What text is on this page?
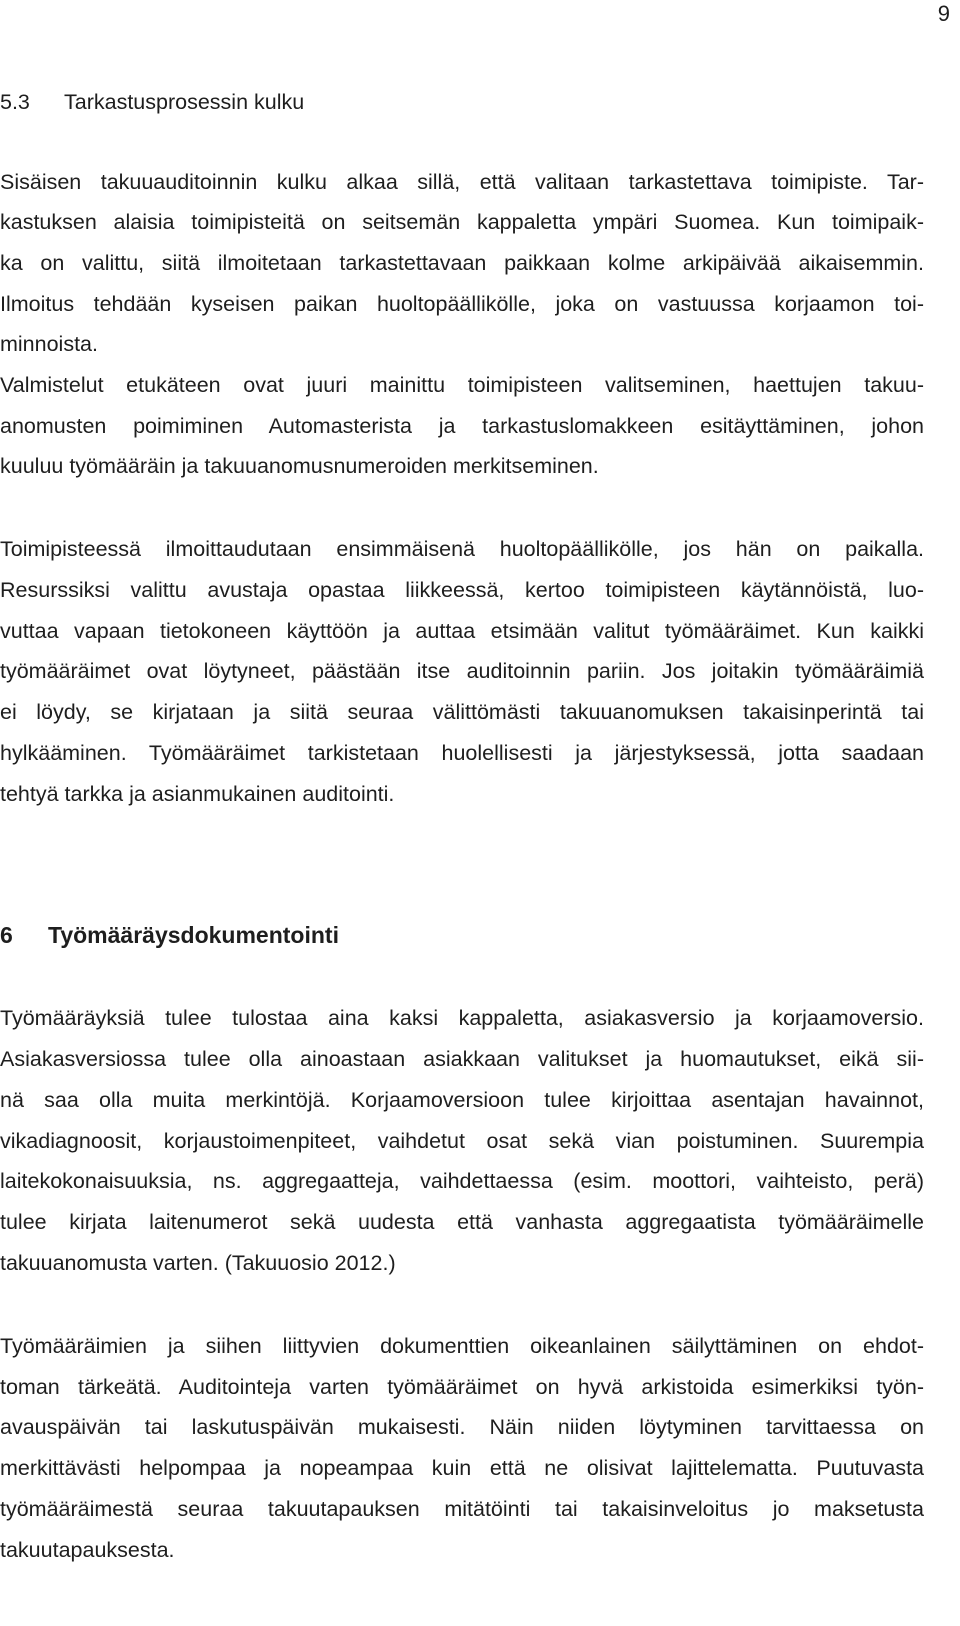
9
5.3 Tarkastusprosessin kulku
Sisäisen takuuauditoinnin kulku alkaa sillä, että valitaan tarkastettava toimipiste. Tar-
kastuksen alaisia toimipisteitä on seitsemän kappaletta ympäri Suomea. Kun toimipaik-
ka on valittu, siitä ilmoitetaan tarkastettavaan paikkaan kolme arkipäivää aikaisemmin.
Ilmoitus tehdään kyseisen paikan huoltopäällikölle, joka on vastuussa korjaamon toi-
minnoista.
Valmistelut etukäteen ovat juuri mainittu toimipisteen valitseminen, haettujen takuu-
anomusten poimiminen Automasterista ja tarkastuslomakkeen esitäyttäminen, johon
kuuluu työmääräin ja takuuanomusnumeroiden merkitseminen.
Toimipisteessä ilmoittaudutaan ensimmäisenä huoltopäällikölle, jos hän on paikalla.
Resurssiksi valittu avustaja opastaa liikkeessä, kertoo toimipisteen käytännöistä, luo-
vuttaa vapaan tietokoneen käyttöön ja auttaa etsimään valitut työmääräimet. Kun kaikki
työmääräimet ovat löytyneet, päästään itse auditoinnin pariin. Jos joitakin työmääräimiä
ei löydy, se kirjataan ja siitä seuraa välittömästi takuuanomuksen takaisinperintä tai
hylkääminen. Työmääräimet tarkistetaan huolellisesti ja järjestyksessä, jotta saadaan
tehtyä tarkka ja asianmukainen auditointi.
6 Työmääräysdokumentointi
Työmääräyksiä tulee tulostaa aina kaksi kappaletta, asiakasversio ja korjaamoversio.
Asiakasversiossa tulee olla ainoastaan asiakkaan valitukset ja huomautukset, eikä sii-
nä saa olla muita merkintöjä. Korjaamoversioon tulee kirjoittaa asentajan havainnot,
vikadiagnoosit, korjaustoimenpiteet, vaihdetut osat sekä vian poistuminen. Suurempia
laitekokonaisuuksia, ns. aggregaatteja, vaihdettaessa (esim. moottori, vaihteisto, perä)
tulee kirjata laitenumerot sekä uudesta että vanhasta aggregaatista työmääräimelle
takuuanomusta varten. (Takuuosio 2012.)
Työmääräimien ja siihen liittyvien dokumenttien oikeanlainen säilyttäminen on ehdot-
toman tärkeätä. Auditointeja varten työmääräimet on hyvä arkistoida esimerkiksi työn-
avauspäivän tai laskutuspäivän mukaisesti. Näin niiden löytyminen tarvittaessa on
merkittävästi helpompaa ja nopeampaa kuin että ne olisivat lajittelematta. Puutuvasta
työmääräimestä seuraa takuutapauksen mitätöinti tai takaisinveloitus jo maksetusta
takuutapauksesta.
